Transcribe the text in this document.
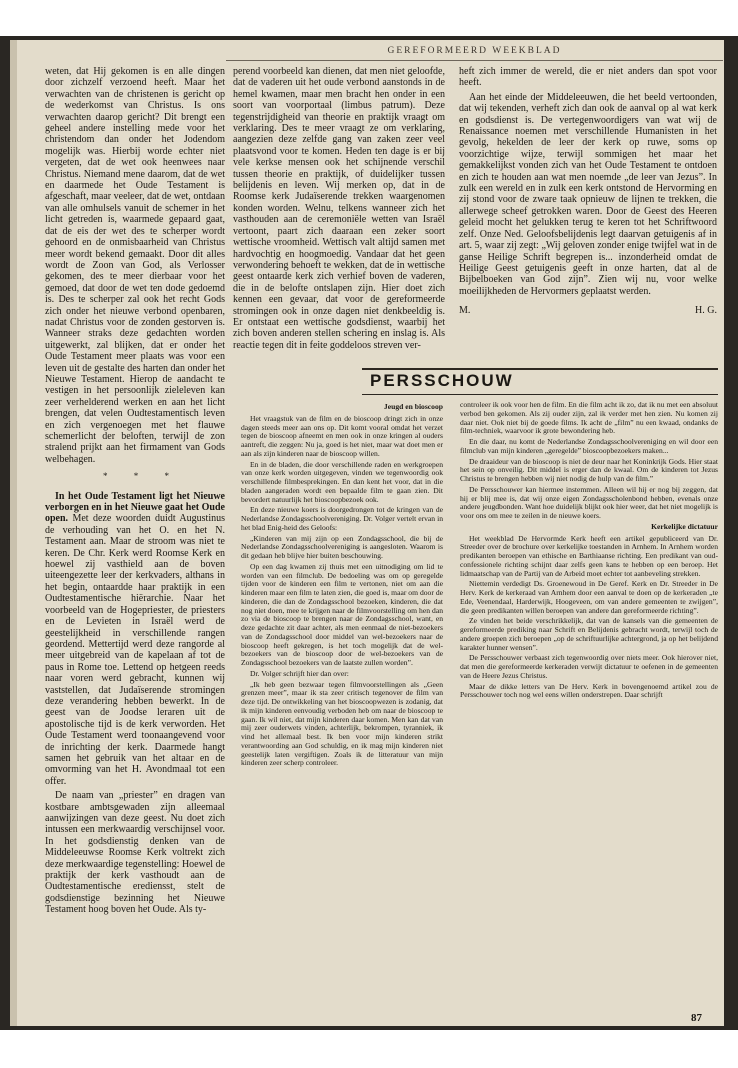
GEREFORMEERD WEEKBLAD

weten, dat Hij gekomen is en alle dingen door zichzelf verzoend heeft. Maar het verwachten van de christenen is gericht op de wederkomst van Christus. Is ons verwachten daarop gericht? Dit brengt een geheel andere instelling mede voor het christendom dan onder het Jodendom mogelijk was. Hierbij worde echter niet vergeten, dat de wet ook heenwees naar Christus. Niemand mene daarom, dat de wet en daarmede het Oude Testament is afgeschaft, maar veeleer, dat de wet, ontdaan van alle omhulsels vanuit de schemer in het licht getreden is, waarmede gepaard gaat, dat de eis der wet des te scherper wordt gehoord en de onmisbaarheid van Christus meer wordt bekend gemaakt. Door dit alles wordt de Zoon van God, als Verlosser gekomen, des te meer dierbaar voor het gemoed, dat door de wet ten dode gedoemd is. Des te scherper zal ook het recht Gods zich onder het nieuwe verbond openbaren, nadat Christus voor de zonden gestorven is. Wanneer straks deze gedachten worden uitgewerkt, zal blijken, dat er onder het Oude Testament meer plaats was voor een leven uit de gestalte des harten dan onder het Nieuwe Testament. Hierop de aandacht te vestigen in het persoonlijk zieleleven kan zeer verhelderend werken en aan het licht brengen, dat velen Oudtestamentisch leven en zich vergenoegen met het flauwe schemerlicht der beloften, terwijl de zon stralend prijkt aan het firmament van Gods welbehagen.

* * *

In het Oude Testament ligt het Nieuwe verborgen en in het Nieuwe gaat het Oude open. Met deze woorden duidt Augustinus de verhouding van het O. en het N. Testament aan. Maar de stroom was niet te keren. De Chr. Kerk werd Roomse Kerk en hoewel zij vasthield aan de boven uiteengezette leer der kerkvaders, althans in het begin, ontaardde haar praktijk in een Oudtestamentische hiërarchie. Naar het voorbeeld van de Hogepriester, de priesters en de Levieten in Israël werd de geestelijkheid in verschillende rangen geordend. Mettertijd werd deze rangorde al meer uitgebreid van de kapelaan af tot de paus in Rome toe. Lettend op hetgeen reeds naar voren werd gebracht, kunnen wij vaststellen, dat Judaïserende stromingen deze verandering hebben bewerkt. In de geest van de Joodse leraren uit de apostolische tijd is de kerk verworden. Het Oude Testament werd toonaangevend voor de inrichting der kerk. Daarmede hangt samen het gebruik van het altaar en de omvorming van het H. Avondmaal tot een offer.

De naam van „priester” en dragen van kostbare ambtsgewaden zijn alleemaal aanwijzingen van deze geest. Nu doet zich intussen een merkwaardig verschijnsel voor. In het godsdienstig denken van de Middeleeuwse Roomse Kerk voltrekt zich deze merkwaardige tegenstelling: Hoewel de praktijk der kerk vasthoudt aan de Oudtestamentische erediensst, stelt de godsdienstige bezinning het Nieuwe Testament hoog boven het Oude. Als ty-

perend voorbeeld kan dienen, dat men niet geloofde, dat de vaderen uit het oude verbond aanstonds in de hemel kwamen, maar men bracht hen onder in een soort van voorportaal (limbus patrum). Deze tegenstrijdigheid van theorie en praktijk vraagt om verklaring. Des te meer vraagt ze om verklaring, aangezien deze zelfde gang van zaken zeer veel plaatsvond voor te komen. Heden ten dage is er bij vele kerkse mensen ook het schijnende verschil tussen theorie en praktijk, of duidelijker tussen belijdenis en leven. Wij merken op, dat in de Roomse kerk Judaïserende trekken waargenomen konden worden. Welnu, telkens wanneer zich het vasthouden aan de ceremoniële wetten van Israël vertoont, paart zich daaraan een zeker soort wettische vroomheid. Wettisch valt altijd samen met hardvochtig en hoogmoedig. Vandaar dat het geen verwondering behoeft te wekken, dat de in wettische geest ontaarde kerk zich verhief boven de vaderen, die in de belofte ontslapen zijn. Hier doet zich kennen een gevaar, dat voor de gereformeerde stromingen ook in onze dagen niet denkbeeldig is. Er ontstaat een wettische godsdienst, waarbij het zich boven anderen stellen schering en inslag is. Als reactie tegen dit in feite goddeloos streven ver-

heft zich immer de wereld, die er niet anders dan spot voor heeft.

Aan het einde der Middeleeuwen, die het beeld vertoonden, dat wij tekenden, verheft zich dan ook de aanval op al wat kerk en godsdienst is. De vertegenwoordigers van wat wij de Renaissance noemen met verschillende Humanisten in het gevolg, hekelden de leer der kerk op ruwe, soms op voorzichtige wijze, terwijl sommigen het maar het gemakkelijkst vonden zich van het Oude Testament te ontdoen en zich te houden aan wat men noemde „de leer van Jezus”. In zulk een wereld en in zulk een kerk ontstond de Hervorming en zij stond voor de zware taak opnieuw de lijnen te trekken, die allerwege scheef getrokken waren. Door de Geest des Heeren geleid mocht het gelukken terug te keren tot het Schriftwoord zelf. Onze Ned. Geloofsbelijdenis legt daarvan getuigenis af in art. 5, waar zij zegt: „Wij geloven zonder enige twijfel wat in de ganse Heilige Schrift begrepen is... inzonderheid omdat de Heilige Geest getuigenis geeft in onze harten, dat al de Bijbelboeken van God zijn”. Zien wij nu, voor welke moeilijkheden de Hervormers geplaatst werden.

M.	H. G.
PERSSCHOUW
Jeugd en bioscoop

Het vraagstuk van de film en de bioscoop dringt zich in onze dagen steeds meer aan ons op. Dit komt vooral omdat het verzet tegen de bioscoop afneemt en men ook in onze kringen al ouders aantreft, die zeggen: Nu ja, goed is het niet, maar wat doet men er aan als zijn kinderen naar de bioscoop willen.

En in de bladen, die door verschillende raden en werkgroepen van onze kerk worden uitgegeven, vinden we tegenwoordig ook verschillende filmbesprekingen. En dan kent het voor, dat in die bladen aangeraden wordt een bepaalde film te gaan zien. Dit bevordert natuurlijk het bioscoopbezoek ook.

En deze nieuwe koers is doorgedrongen tot de kringen van de Nederlandse Zondagsschoolvereniging. Dr. Volger vertelt ervan in het blad Enig-heid des Geloofs:

„Kinderen van mij zijn op een Zondagsschool, die bij de Nederlandse Zondagsschoolvereniging is aangesloten. Waarom is dit gedaan heb blijve hier buiten beschouwing.

Op een dag kwamen zij thuis met een uitnodiging om lid te worden van een filmclub. De bedoeling was om op geregelde tijden voor de kinderen een film te vertonen, niet om aan die kinderen maar een film te laten zien, die goed is, maar om door de kinderen, die dan de Zondagsschool bezoeken, kinderen, die dat nog niet doen, mee te krijgen naar de filmvoorstelling om hen dan zo via de bioscoop te brengen naar de Zondagsschool, want, en deze gedachte zit daar achter, als men eenmaal de niet-bezoekers van de Zondagsschool door middel van wel-bezoekers naar de bioscoop heeft gekregen, is het toch mogelijk dat de wel-bezoekers van de bioscoop door de wel-bezoekers van de Zondagsschool bezoekers van de laatste zullen worden”.

Dr. Volger schrijft hier dan over:

„Ik heb geen bezwaar tegen filmvoorstellingen als „Geen grenzen meer”, maar ik sta zeer critisch tegenover de film van deze tijd. De ontwikkeling van het bioscoopwezen is zodanig, dat ik mijn kinderen eenvoudig verboden heb om naar de bioscoop te gaan. Ik wil niet, dat mijn kinderen daar komen. Men kan dat van mij zeer ouderwets vinden, achterlijk, bekrompen, tyranniek, ik vind het allemaal best. Ik ben voor mijn kinderen strikt verantwoording aan God schuldig, en ik mag mijn kinderen niet geestelijk laten vergiftigen. Zoals ik de litteratuur van mijn kinderen zeer scherp controleer.

controleer ik ook voor hen de film. En die film acht ik zo, dat ik nu met een absoluut verbod ben gekomen. Als zij ouder zijn, zal ik verder met hen zien. Nu komen zij daar niet. Ook niet bij de goede films. Ik acht de „film” nu een kwaad, ondanks de film-techniek, waarvoor ik grote bewondering heb.

En die daar, nu komt de Nederlandse Zondagsschoolvereniging en wil door een filmclub van mijn kinderen „geregelde” bioscoopbezoekers maken...

De draaideur van de bioscoop is niet de deur naar het Koninkrijk Gods. Hier staat het sein op onveilig. Dit middel is erger dan de kwaal. Om de kinderen tot Jezus Christus te brengen hebben wij niet nodig de hulp van de film.”

De Persschouwer kan hiermee instemmen. Alleen wil hij er nog bij zeggen, dat hij er blij mee is, dat wij onze eigen Zondagsscholenbond hebben, evenals onze andere jeugdbonden. Want hoe duidelijk blijkt ook hier weer, dat het niet mogelijk is voor ons om mee te zeilen in de nieuwe koers.

Kerkelijke dictatuur

Het weekblad De Hervormde Kerk heeft een artikel gepubliceerd van Dr. Streeder over de brochure over kerkelijke toestanden in Arnhem. In Arnhem worden predikanten beroepen van ethische en Barthiaanse richting. Een predikant van oud-confessionele richting schijnt daar zelfs geen kans te hebben op een beroep. Het lidmaatschap van de Partij van de Arbeid moet echter tot aanbeveling strekken.

Niettemin verdedigt Ds. Groenewoud in De Geref. Kerk en Dr. Streeder in De Herv. Kerk de kerkeraad van Arnhem door een aanval te doen op de kerkeraden „te Ede, Veenendaal, Harderwijk, Hoogeveen, om van andere gemeenten te zwijgen”, die geen predikanten willen beroepen van andere dan gereformeerde richting”.

Ze vinden het beide verschrikkelijk, dat van de kansels van die gemeenten de gereformeerde prediking naar Schrift en Belijdenis gebracht wordt, terwijl toch de andere groepen zich beroepen „op de schriftuurlijke achtergrond, ja op het belijdend karakter hunner wensen”.

De Persschouwer verbaast zich tegenwoordig over niets meer. Ook hierover niet, dat men die gereformeerde kerkeraden verwijt dictatuur te oefenen in de gemeenten van de Heere Jezus Christus.

Maar de dikke letters van De Herv. Kerk in bovengenoemd artikel zou de Persschouwer toch nog wel eens willen onderstrepen. Daar schrijft

87
